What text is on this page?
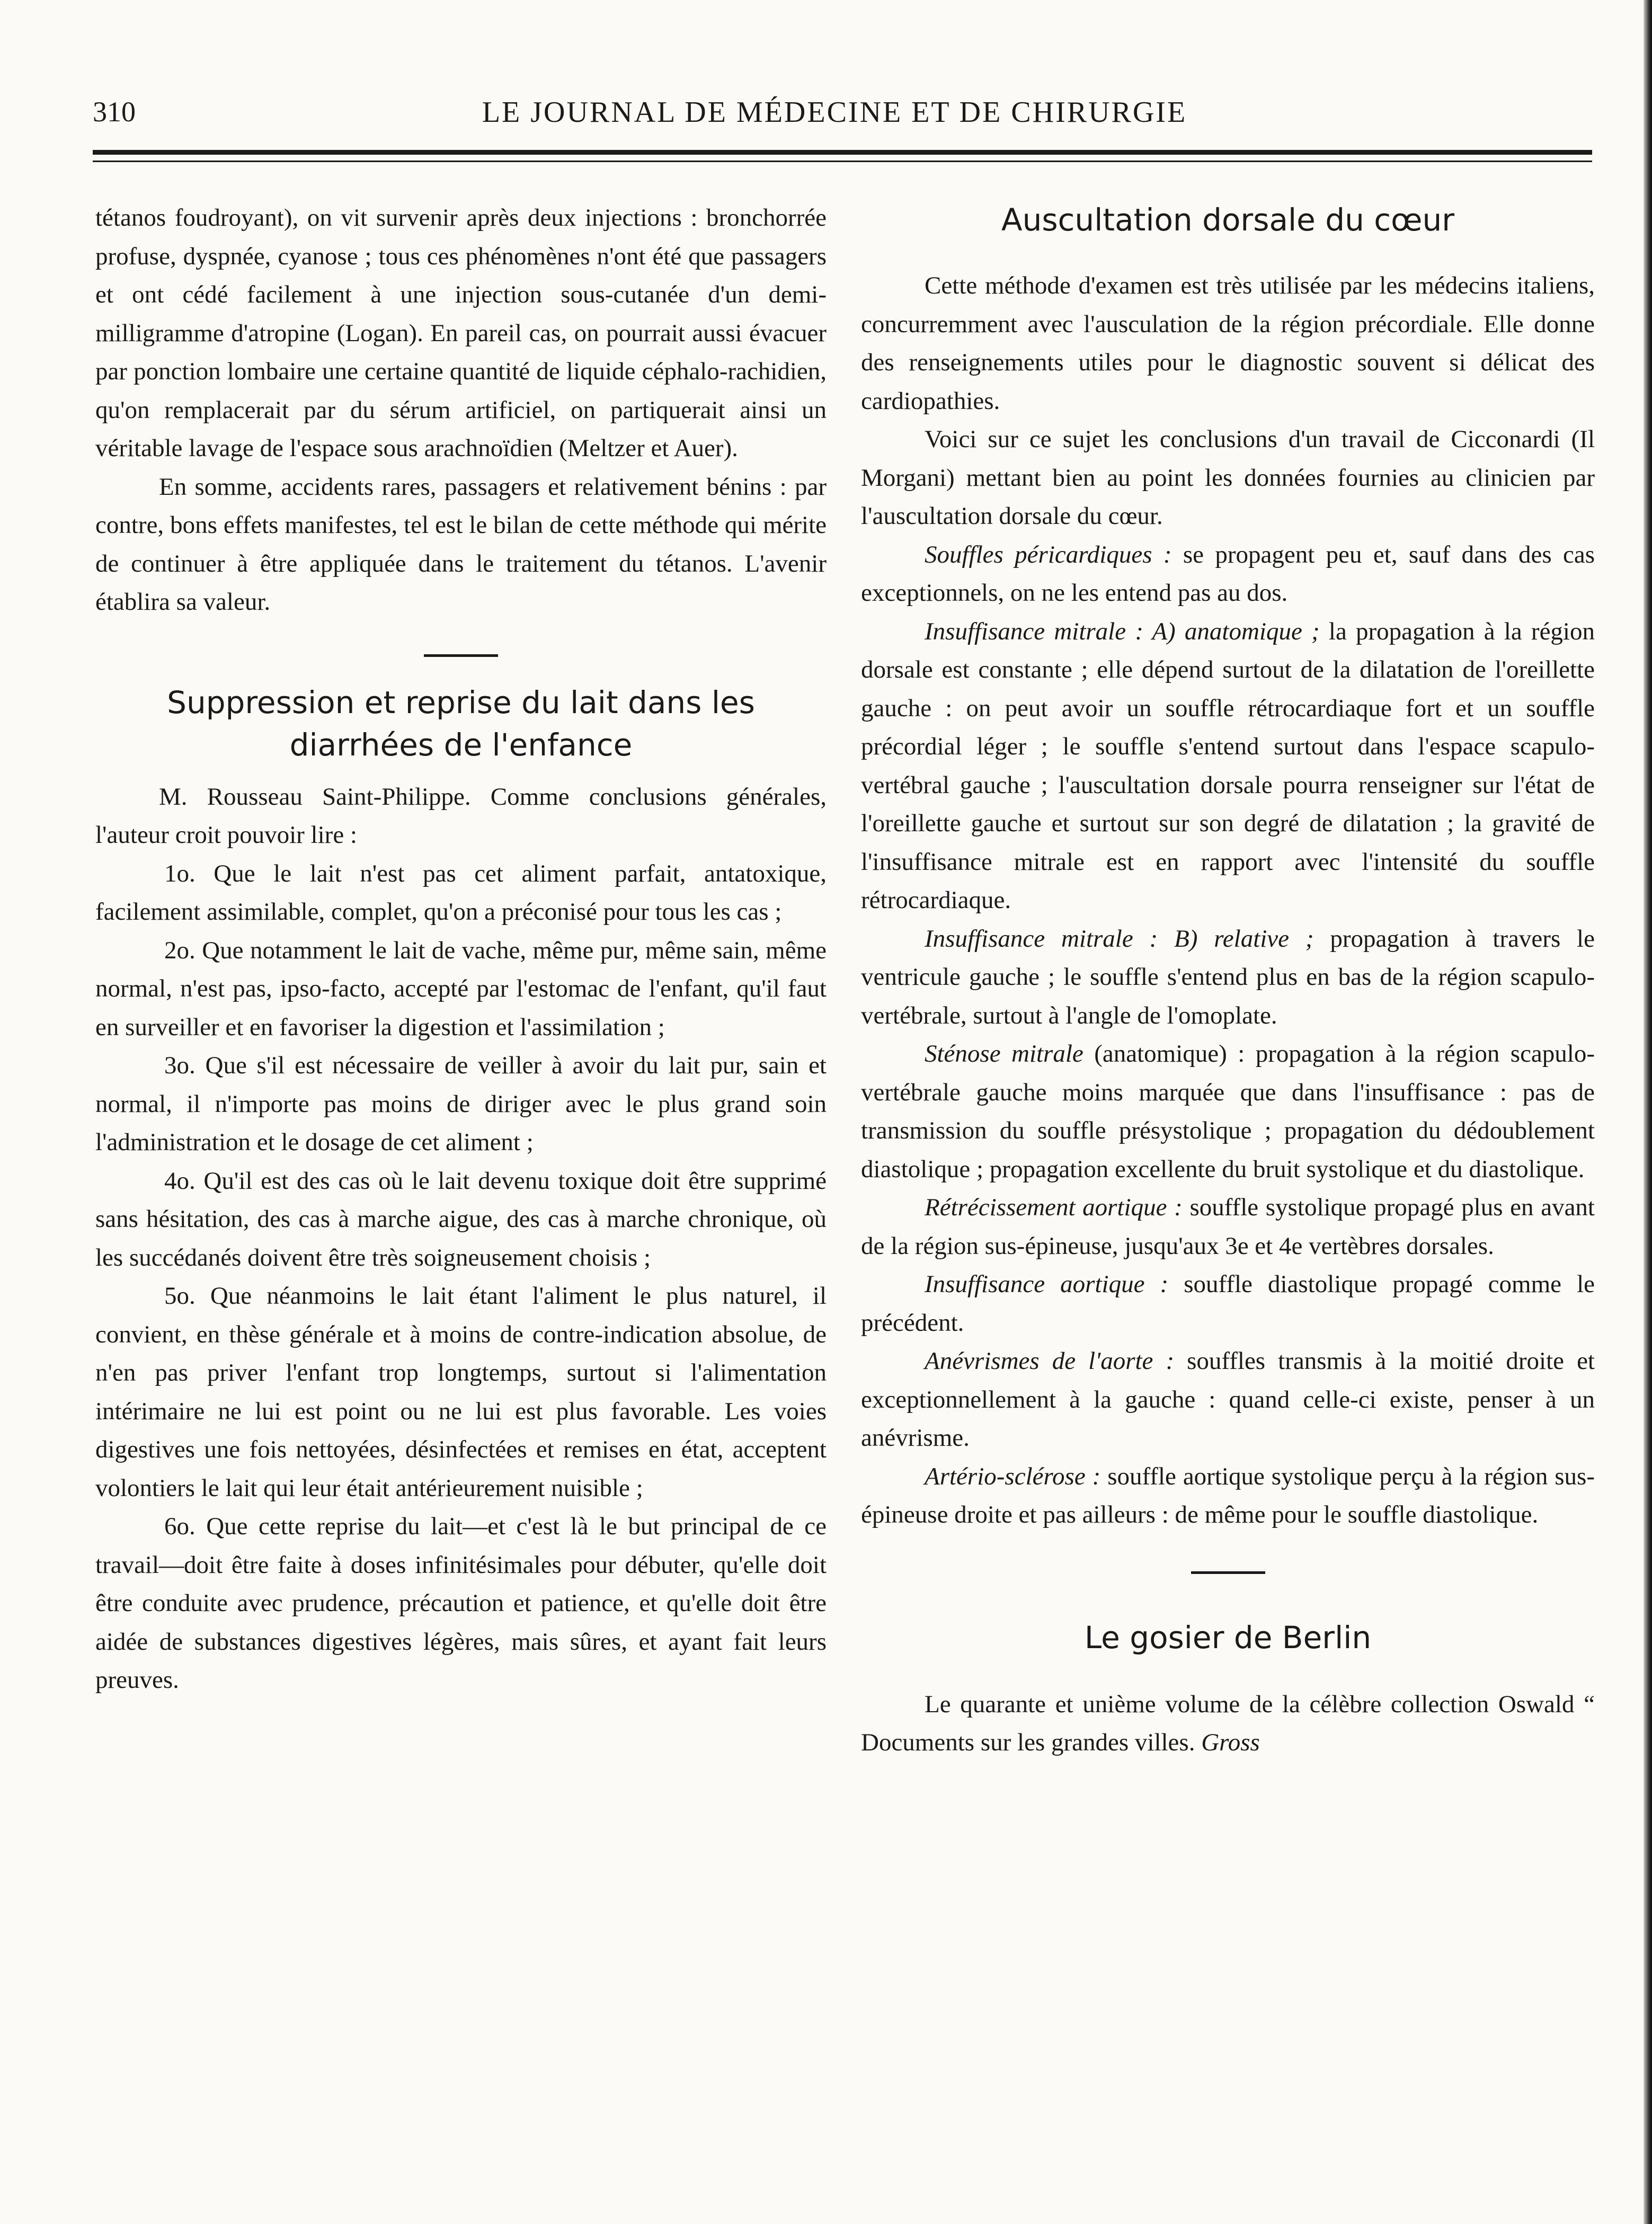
310	LE JOURNAL DE MÉDECINE ET DE CHIRURGIE

tétanos foudroyant), on vit survenir après deux injections : bronchorrée profuse, dyspnée, cyanose ; tous ces phénomènes n'ont été que passagers et ont cédé facilement à une injection sous-cutanée d'un demi-milligramme d'atropine (Logan). En pareil cas, on pourrait aussi évacuer par ponction lombaire une certaine quantité de liquide céphalo-rachidien, qu'on remplacerait par du sérum artificiel, on partiquerait ainsi un véritable lavage de l'espace sous arachnoïdien (Meltzer et Auer).

En somme, accidents rares, passagers et relativement bénins : par contre, bons effets manifestes, tel est le bilan de cette méthode qui mérite de continuer à être appliquée dans le traitement du tétanos. L'avenir établira sa valeur.

Suppression et reprise du lait dans les diarrhées de l'enfance

M. Rousseau Saint-Philippe. Comme conclusions générales, l'auteur croit pouvoir lire :

1o. Que le lait n'est pas cet aliment parfait, antatoxique, facilement assimilable, complet, qu'on a préconisé pour tous les cas ;

2o. Que notamment le lait de vache, même pur, même sain, même normal, n'est pas, ipso-facto, accepté par l'estomac de l'enfant, qu'il faut en surveiller et en favoriser la digestion et l'assimilation ;

3o. Que s'il est nécessaire de veiller à avoir du lait pur, sain et normal, il n'importe pas moins de diriger avec le plus grand soin l'administration et le dosage de cet aliment ;

4o. Qu'il est des cas où le lait devenu toxique doit être supprimé sans hésitation, des cas à marche aigue, des cas à marche chronique, où les succédanés doivent être très soigneusement choisis ;

5o. Que néanmoins le lait étant l'aliment le plus naturel, il convient, en thèse générale et à moins de contre-indication absolue, de n'en pas priver l'enfant trop longtemps, surtout si l'alimentation intérimaire ne lui est point ou ne lui est plus favorable. Les voies digestives une fois nettoyées, désinfectées et remises en état, acceptent volontiers le lait qui leur était antérieurement nuisible ;

6o. Que cette reprise du lait—et c'est là le but principal de ce travail—doit être faite à doses infinitésimales pour débuter, qu'elle doit être conduite avec prudence, précaution et patience, et qu'elle doit être aidée de substances digestives légères, mais sûres, et ayant fait leurs preuves.

Auscultation dorsale du cœur

Cette méthode d'examen est très utilisée par les médecins italiens, concurremment avec l'ausculation de la région précordiale. Elle donne des renseignements utiles pour le diagnostic souvent si délicat des cardiopathies.

Voici sur ce sujet les conclusions d'un travail de Cicconardi (Il Morgani) mettant bien au point les données fournies au clinicien par l'auscultation dorsale du cœur.

Souffles péricardiques : se propagent peu et, sauf dans des cas exceptionnels, on ne les entend pas au dos.

Insuffisance mitrale : A) anatomique ; la propagation à la région dorsale est constante ; elle dépend surtout de la dilatation de l'oreillette gauche : on peut avoir un souffle rétrocardiaque fort et un souffle précordial léger ; le souffle s'entend surtout dans l'espace scapulo-vertébral gauche ; l'auscultation dorsale pourra renseigner sur l'état de l'oreillette gauche et surtout sur son degré de dilatation ; la gravité de l'insuffisance mitrale est en rapport avec l'intensité du souffle rétrocardiaque.

Insuffisance mitrale : B) relative ; propagation à travers le ventricule gauche ; le souffle s'entend plus en bas de la région scapulo-vertébrale, surtout à l'angle de l'omoplate.

Sténose mitrale (anatomique) : propagation à la région scapulo-vertébrale gauche moins marquée que dans l'insuffisance : pas de transmission du souffle présystolique ; propagation du dédoublement diastolique ; propagation excellente du bruit systolique et du diastolique.

Rétrécissement aortique : souffle systolique propagé plus en avant de la région sus-épineuse, jusqu'aux 3e et 4e vertèbres dorsales.

Insuffisance aortique : souffle diastolique propagé comme le précédent.

Anévrismes de l'aorte : souffles transmis à la moitié droite et exceptionnellement à la gauche : quand celle-ci existe, penser à un anévrisme.

Artério-sclérose : souffle aortique systolique perçu à la région sus-épineuse droite et pas ailleurs : de même pour le souffle diastolique.

Le gosier de Berlin

Le quarante et unième volume de la célèbre collection Oswald “ Documents sur les grandes villes. Gross
